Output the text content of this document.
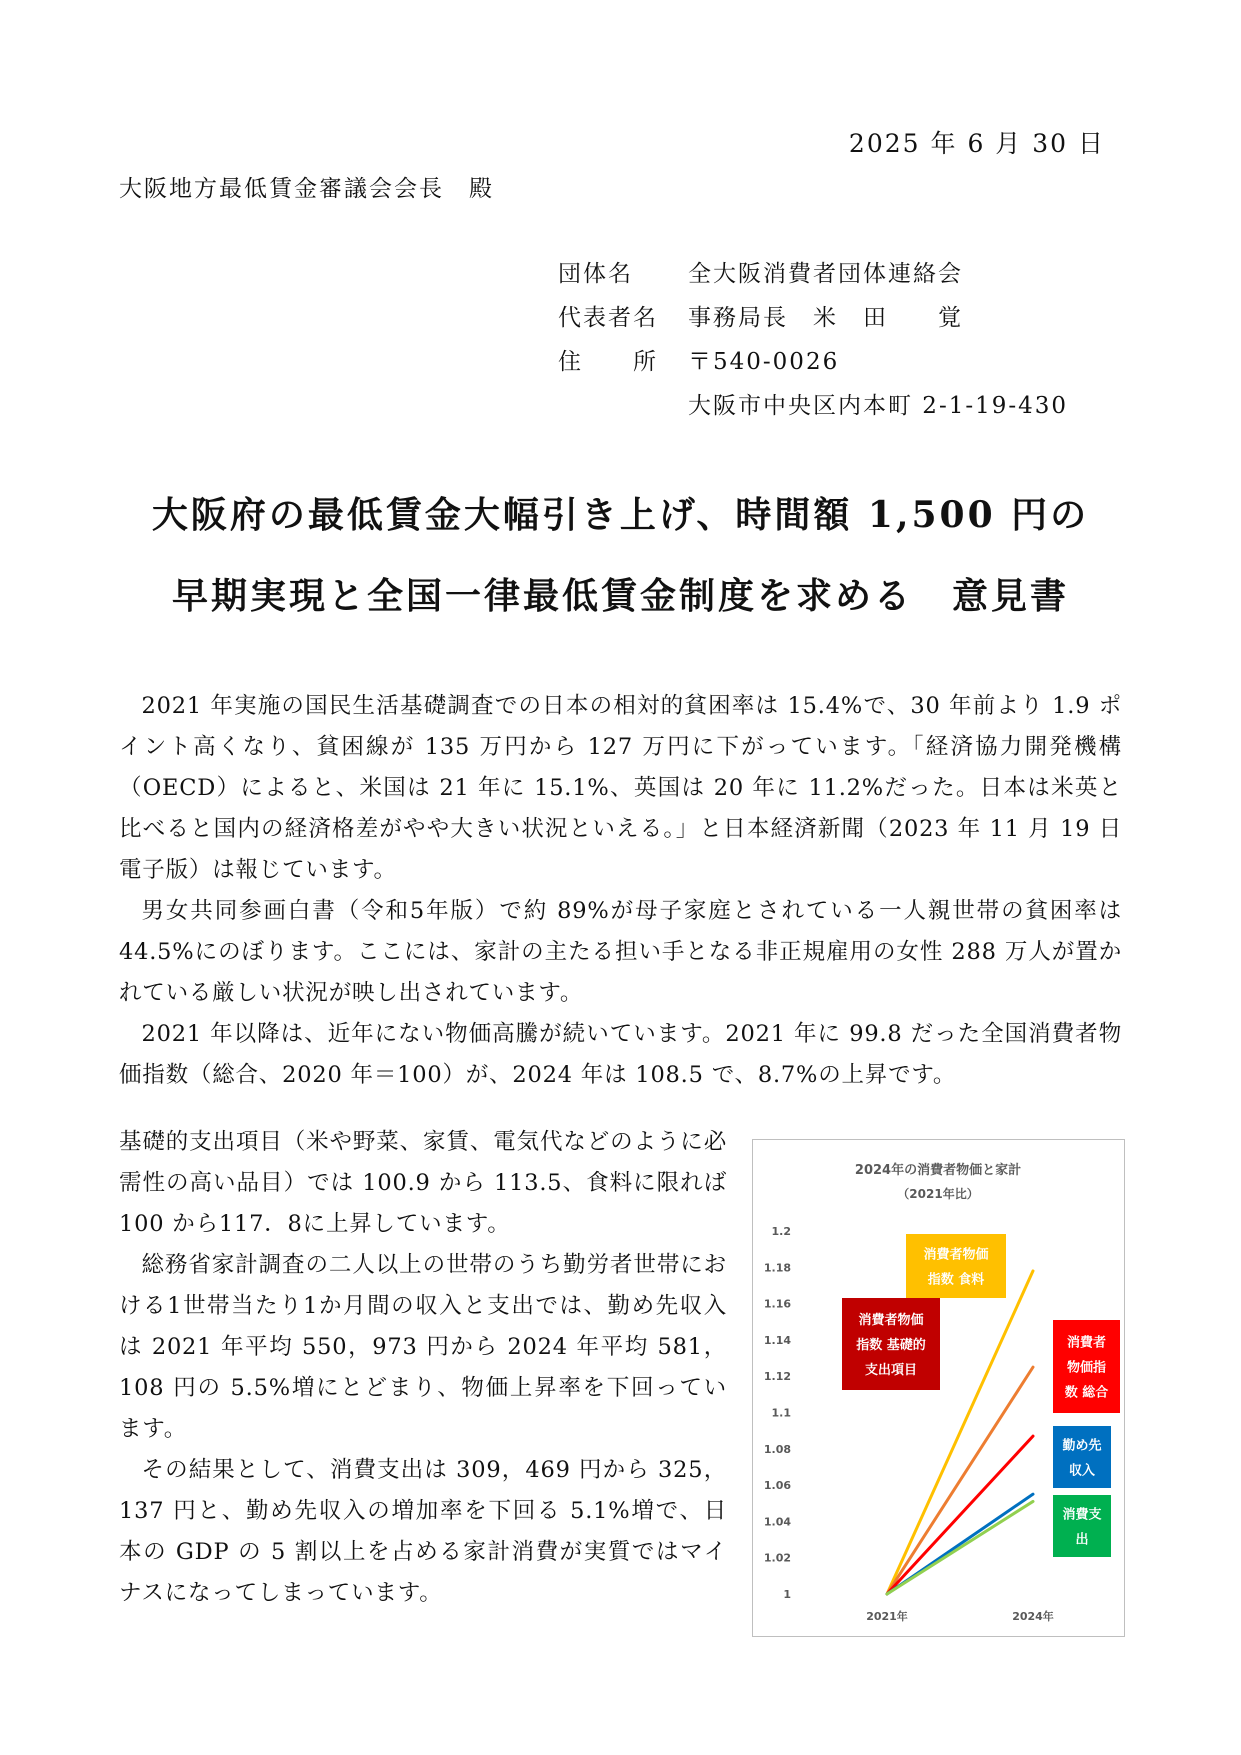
2025 年 6 月 30 日
大阪地方最低賃金審議会会長　殿
団体名	全大阪消費者団体連絡会
代表者名	事務局長　米　田　　覚
住　　所	〒540-0026
大阪市中央区内本町 2-1-19-430
大阪府の最低賃金大幅引き上げ、時間額 1,500 円の
早期実現と全国一律最低賃金制度を求める　意見書

2021 年実施の国民生活基礎調査での日本の相対的貧困率は 15.4%で、30 年前より 1.9 ポイント高くなり、貧困線が 135 万円から 127 万円に下がっています。「経済協力開発機構（OECD）によると、米国は 21 年に 15.1%、英国は 20 年に 11.2%だった。日本は米英と比べると国内の経済格差がやや大きい状況といえる。」と日本経済新聞（2023 年 11 月 19 日電子版）は報じています。

男女共同参画白書（令和5年版）で約 89%が母子家庭とされている一人親世帯の貧困率は 44.5%にのぼります。ここには、家計の主たる担い手となる非正規雇用の女性 288 万人が置かれている厳しい状況が映し出されています。

2021 年以降は、近年にない物価高騰が続いています。2021 年に 99.8 だった全国消費者物価指数（総合、2020 年＝100）が、2024 年は 108.5 で、8.7%の上昇です。

基礎的支出項目（米や野菜、家賃、電気代などのように必需性の高い品目）では 100.9 から 113.5、食料に限れば 100 から117．8に上昇しています。

総務省家計調査の二人以上の世帯のうち勤労者世帯における1世帯当たり1か月間の収入と支出では、勤め先収入は 2021 年平均 550，973 円から 2024 年平均 581，108 円の 5.5%増にとどまり、物価上昇率を下回っています。

その結果として、消費支出は 309，469 円から 325，137 円と、勤め先収入の増加率を下回る 5.1%増で、日本の GDP の 5 割以上を占める家計消費が実質ではマイナスになってしまっています。

2024年の消費者物価と家計
（2021年比）
1
1.02
1.04
1.06
1.08
1.1
1.12
1.14
1.16
1.18
1.2
2021年	2024年
消費者物価
指数 食料
消費者物価
指数 基礎的
支出項目
消費者
物価指
数 総合
勤め先
収入
消費支
出
